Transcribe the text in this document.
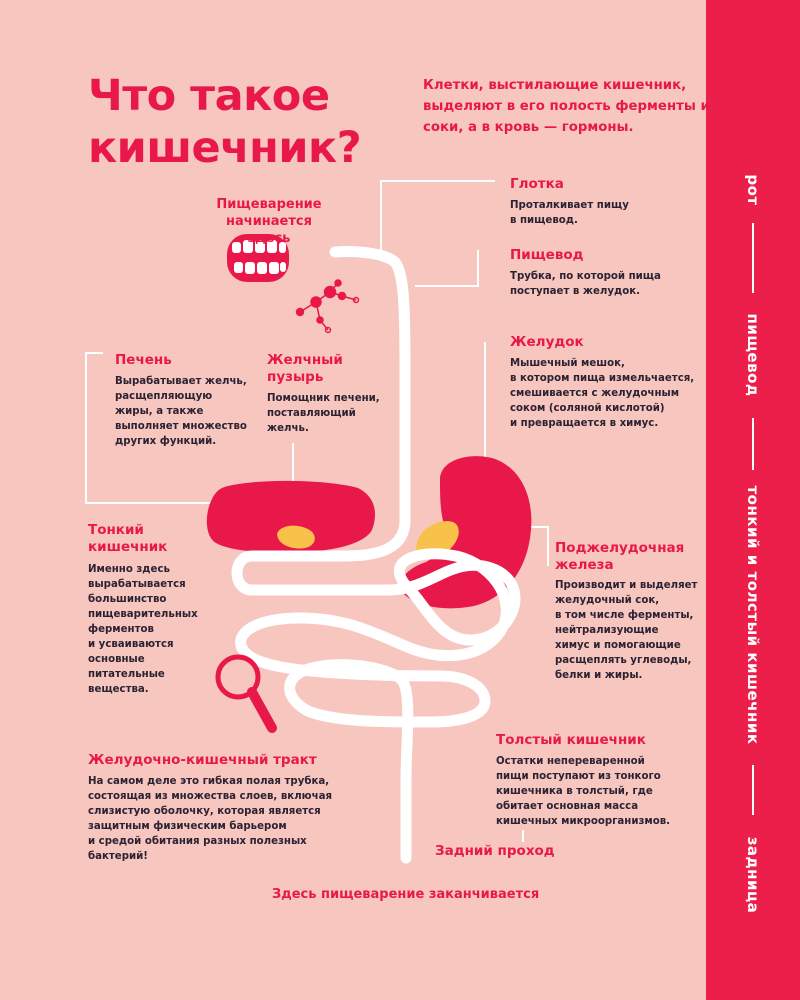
рот
пищевод
тонкий и толстый кишечник
задница
Что такое
кишечник?
Клетки, выстилающие кишечник, выделяют в его полость ферменты и соки, а в кровь — гормоны.
Пищеварение
начинается здесь
Глотка
Проталкивает пищу
в пищевод.
Пищевод
Трубка, по которой пища
поступает в желудок.
Желудок
Мышечный мешок,
в котором пища измельчается,
смешивается с желудочным
соком (соляной кислотой)
и превращается в химус.
Печень
Вырабатывает желчь,
расщепляющую
жиры, а также
выполняет множество
других функций.
Желчный
пузырь
Помощник печени,
поставляющий
желчь.
Тонкий
кишечник
Именно здесь
вырабатывается
большинство
пищеварительных
ферментов
и усваиваются
основные
питательные
вещества.
Поджелудочная
железа
Производит и выделяет
желудочный сок,
в том числе ферменты,
нейтрализующие
химус и помогающие
расщеплять углеводы,
белки и жиры.
Желудочно-кишечный тракт
На самом деле это гибкая полая трубка,
состоящая из множества слоев, включая
слизистую оболочку, которая является
защитным физическим барьером
и средой обитания разных полезных
бактерий!
Толстый кишечник
Остатки непереваренной
пищи поступают из тонкого
кишечника в толстый, где
обитает основная масса
кишечных микроорганизмов.
Задний проход
Здесь пищеварение заканчивается
